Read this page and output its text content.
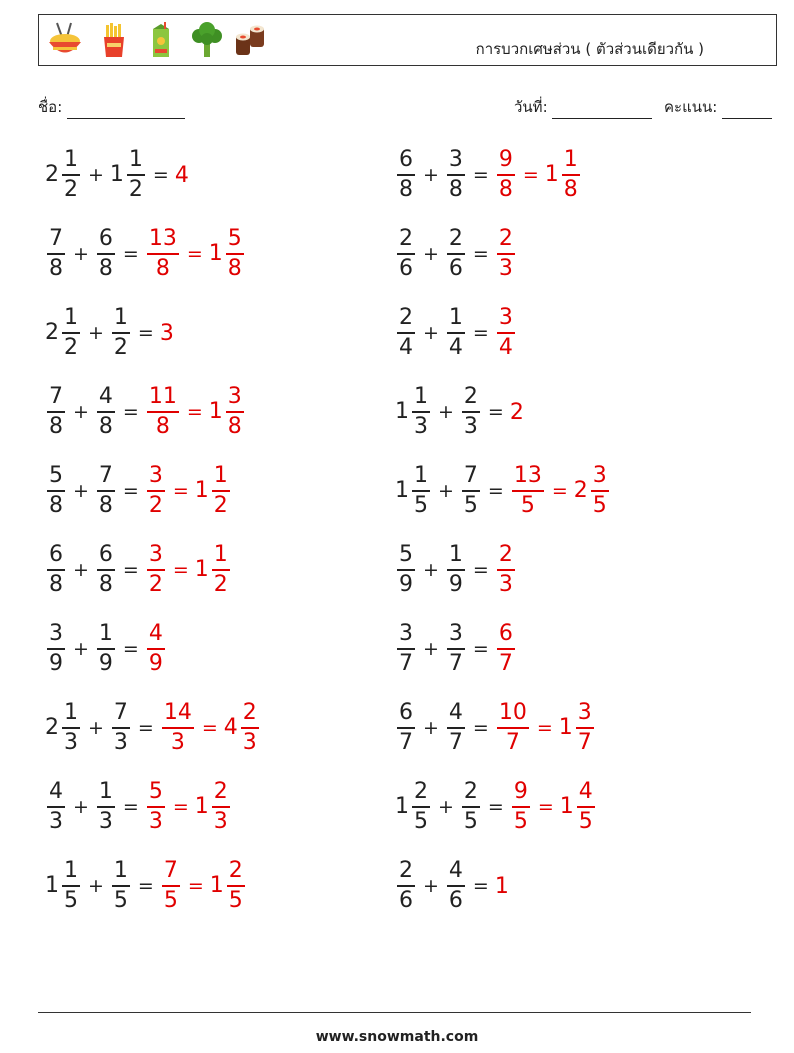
การบวกเศษส่วน ( ตัวส่วนเดียวกัน )
ชื่อ:	วันที่:	คะแนน:
$2 \frac{1}{2} + 1 \frac{1}{2} = 4$
$\frac{7}{8} + \frac{6}{8} = \frac{13}{8} = 1 \frac{5}{8}$
$2 \frac{1}{2} + \frac{1}{2} = 3$
$\frac{7}{8} + \frac{4}{8} = \frac{11}{8} = 1 \frac{3}{8}$
$\frac{5}{8} + \frac{7}{8} = \frac{3}{2} = 1 \frac{1}{2}$
$\frac{6}{8} + \frac{6}{8} = \frac{3}{2} = 1 \frac{1}{2}$
$\frac{3}{9} + \frac{1}{9} = \frac{4}{9}$
$2 \frac{1}{3} + \frac{7}{3} = \frac{14}{3} = 4 \frac{2}{3}$
$\frac{4}{3} + \frac{1}{3} = \frac{5}{3} = 1 \frac{2}{3}$
$1 \frac{1}{5} + \frac{1}{5} = \frac{7}{5} = 1 \frac{2}{5}$
$\frac{6}{8} + \frac{3}{8} = \frac{9}{8} = 1 \frac{1}{8}$
$\frac{2}{6} + \frac{2}{6} = \frac{2}{3}$
$\frac{2}{4} + \frac{1}{4} = \frac{3}{4}$
$1 \frac{1}{3} + \frac{2}{3} = 2$
$1 \frac{1}{5} + \frac{7}{5} = \frac{13}{5} = 2 \frac{3}{5}$
$\frac{5}{9} + \frac{1}{9} = \frac{2}{3}$
$\frac{3}{7} + \frac{3}{7} = \frac{6}{7}$
$\frac{6}{7} + \frac{4}{7} = \frac{10}{7} = 1 \frac{3}{7}$
$1 \frac{2}{5} + \frac{2}{5} = \frac{9}{5} = 1 \frac{4}{5}$
$\frac{2}{6} + \frac{4}{6} = 1$
www.snowmath.com
